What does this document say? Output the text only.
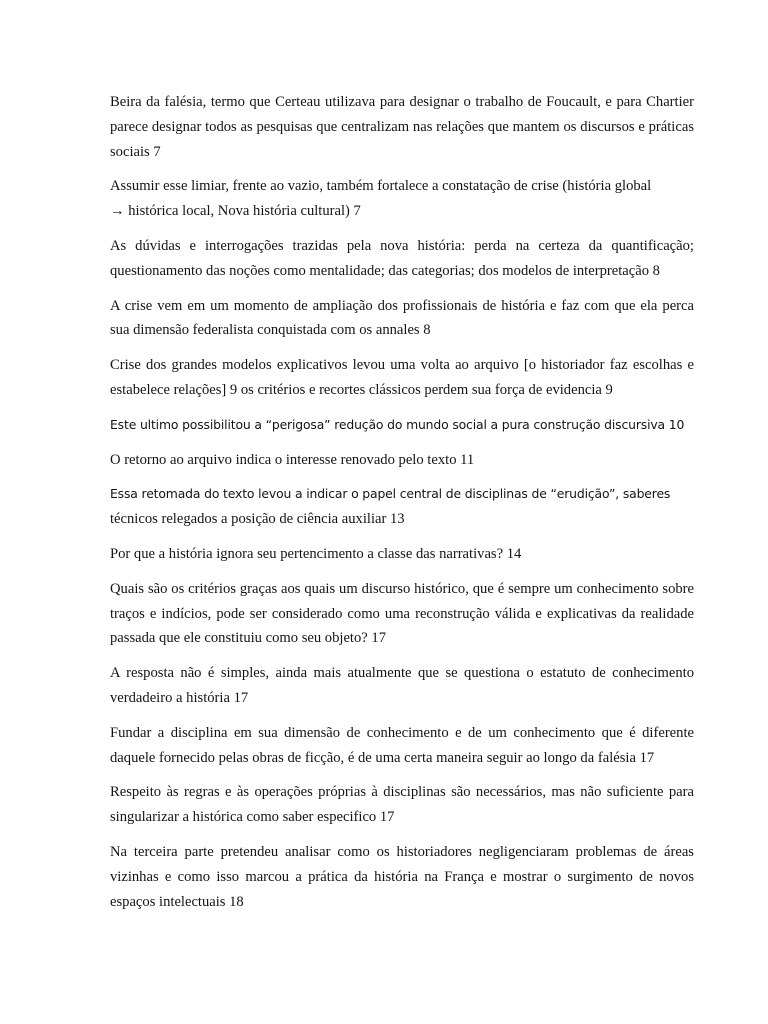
Beira da falésia, termo que Certeau utilizava para designar o trabalho de Foucault, e para Chartier parece designar todos as pesquisas que centralizam nas relações que mantem os discursos e práticas sociais 7

Assumir esse limiar, frente ao vazio, também fortalece a constatação de crise (história global
→ histórica local, Nova história cultural) 7

As dúvidas e interrogações trazidas pela nova história: perda na certeza da quantificação; questionamento das noções como mentalidade; das categorias; dos modelos de interpretação 8

A crise vem em um momento de ampliação dos profissionais de história e faz com que ela perca sua dimensão federalista conquistada com os annales 8

Crise dos grandes modelos explicativos levou uma volta ao arquivo [o historiador faz escolhas e estabelece relações] 9 os critérios e recortes clássicos perdem sua força de evidencia 9

Este ultimo possibilitou a “perigosa” redução do mundo social a pura construção discursiva 10

O retorno ao arquivo indica o interesse renovado pelo texto 11

Essa retomada do texto levou a indicar o papel central de disciplinas de “erudição”, saberes
técnicos relegados a posição de ciência auxiliar 13

Por que a história ignora seu pertencimento a classe das narrativas? 14

Quais são os critérios graças aos quais um discurso histórico, que é sempre um conhecimento sobre traços e indícios, pode ser considerado como uma reconstrução válida e explicativas da realidade passada que ele constituiu como seu objeto? 17

A resposta não é simples, ainda mais atualmente que se questiona o estatuto de conhecimento verdadeiro a história 17

Fundar a disciplina em sua dimensão de conhecimento e de um conhecimento que é diferente daquele fornecido pelas obras de ficção, é de uma certa maneira seguir ao longo da falésia 17

Respeito às regras e às operações próprias à disciplinas são necessários, mas não suficiente para singularizar a histórica como saber especifico 17

Na terceira parte pretendeu analisar como os historiadores negligenciaram problemas de áreas vizinhas e como isso marcou a prática da história na França e mostrar o surgimento de novos espaços intelectuais 18
